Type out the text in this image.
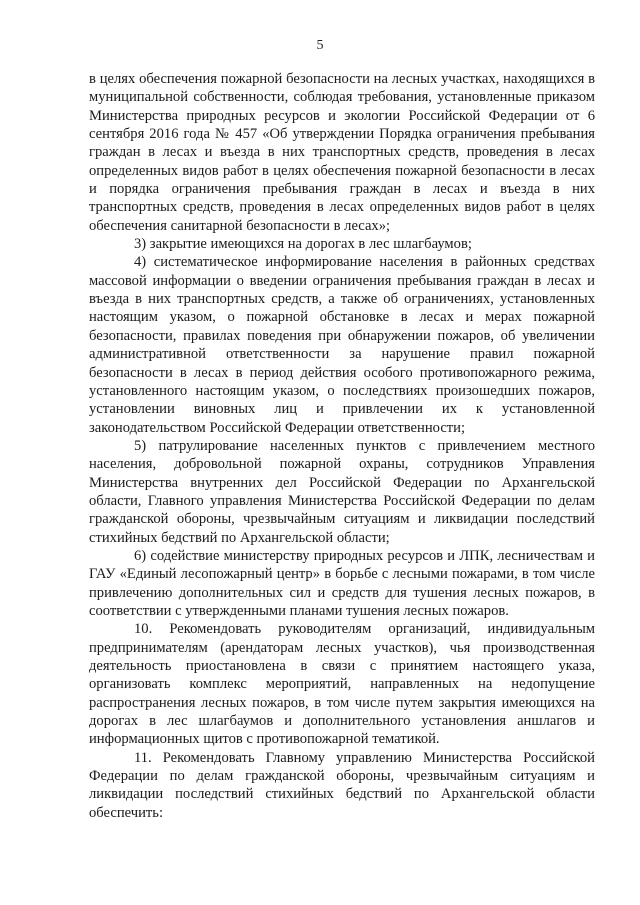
5

в целях обеспечения пожарной безопасности на лесных участках, находящихся в муниципальной собственности, соблюдая требования, установленные приказом Министерства природных ресурсов и экологии Российской Федерации от 6 сентября 2016 года № 457 «Об утверждении Порядка ограничения пребывания граждан в лесах и въезда в них транспортных средств, проведения в лесах определенных видов работ в целях обеспечения пожарной безопасности в лесах и порядка ограничения пребывания граждан в лесах и въезда в них транспортных средств, проведения в лесах определенных видов работ в целях обеспечения санитарной безопасности в лесах»;

3) закрытие имеющихся на дорогах в лес шлагбаумов;

4) систематическое информирование населения в районных средствах массовой информации о введении ограничения пребывания граждан в лесах и въезда в них транспортных средств, а также об ограничениях, установленных настоящим указом, о пожарной обстановке в лесах и мерах пожарной безопасности, правилах поведения при обнаружении пожаров, об увеличении административной ответственности за нарушение правил пожарной безопасности в лесах в период действия особого противопожарного режима, установленного настоящим указом, о последствиях произошедших пожаров, установлении виновных лиц и привлечении их к установленной законодательством Российской Федерации ответственности;

5) патрулирование населенных пунктов с привлечением местного населения, добровольной пожарной охраны, сотрудников Управления Министерства внутренних дел Российской Федерации по Архангельской области, Главного управления Министерства Российской Федерации по делам гражданской обороны, чрезвычайным ситуациям и ликвидации последствий стихийных бедствий по Архангельской области;

6) содействие министерству природных ресурсов и ЛПК, лесничествам и ГАУ «Единый лесопожарный центр» в борьбе с лесными пожарами, в том числе привлечению дополнительных сил и средств для тушения лесных пожаров, в соответствии с утвержденными планами тушения лесных пожаров.

10. Рекомендовать руководителям организаций, индивидуальным предпринимателям (арендаторам лесных участков), чья производственная деятельность приостановлена в связи с принятием настоящего указа, организовать комплекс мероприятий, направленных на недопущение распространения лесных пожаров, в том числе путем закрытия имеющихся на дорогах в лес шлагбаумов и дополнительного установления аншлагов и информационных щитов с противопожарной тематикой.

11. Рекомендовать Главному управлению Министерства Российской Федерации по делам гражданской обороны, чрезвычайным ситуациям и ликвидации последствий стихийных бедствий по Архангельской области обеспечить:
